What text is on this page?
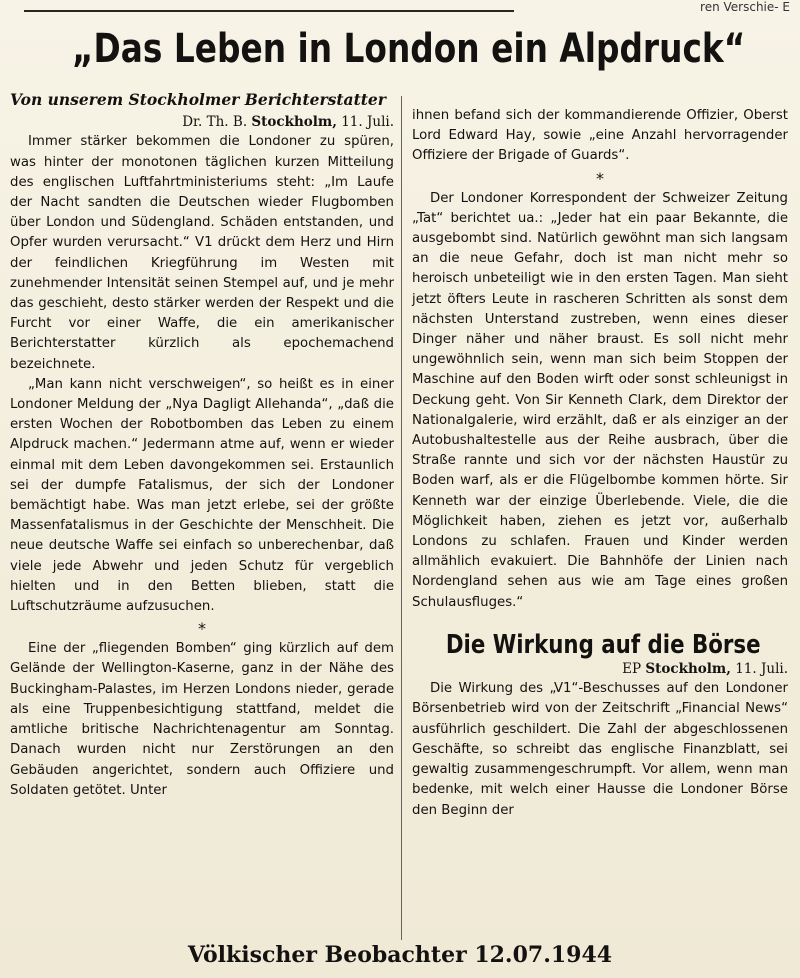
ren Verschie- E
„Das Leben in London ein Alpdruck“
Von unserem Stockholmer Berichterstatter
Dr. Th. B. Stockholm, 11. Juli.

Immer stärker bekommen die Londoner zu spüren, was hinter der monotonen täglichen kurzen Mitteilung des englischen Luftfahrtministeriums steht: „Im Laufe der Nacht sandten die Deutschen wieder Flugbomben über London und Südengland. Schäden entstanden, und Opfer wurden verursacht.“ V1 drückt dem Herz und Hirn der feindlichen Kriegführung im Westen mit zunehmender Intensität seinen Stempel auf, und je mehr das geschieht, desto stärker werden der Respekt und die Furcht vor einer Waffe, die ein amerikanischer Berichterstatter kürzlich als epochemachend bezeichnete.

„Man kann nicht verschweigen“, so heißt es in einer Londoner Meldung der „Nya Dagligt Allehanda“, „daß die ersten Wochen der Robotbomben das Leben zu einem Alpdruck machen.“ Jedermann atme auf, wenn er wieder einmal mit dem Leben davongekommen sei. Erstaunlich sei der dumpfe Fatalismus, der sich der Londoner bemächtigt habe. Was man jetzt erlebe, sei der größte Massenfatalismus in der Geschichte der Menschheit. Die neue deutsche Waffe sei einfach so unberechenbar, daß viele jede Abwehr und jeden Schutz für vergeblich hielten und in den Betten blieben, statt die Luftschutzräume aufzusuchen.

*

Eine der „fliegenden Bomben“ ging kürzlich auf dem Gelände der Wellington-Kaserne, ganz in der Nähe des Buckingham-Palastes, im Herzen Londons nieder, gerade als eine Truppenbesichtigung stattfand, meldet die amtliche britische Nachrichtenagentur am Sonntag. Danach wurden nicht nur Zerstörungen an den Gebäuden angerichtet, sondern auch Offiziere und Soldaten getötet. Unter

ihnen befand sich der kommandierende Offizier, Oberst Lord Edward Hay, sowie „eine Anzahl hervorragender Offiziere der Brigade of Guards“.

*

Der Londoner Korrespondent der Schweizer Zeitung „Tat“ berichtet ua.: „Jeder hat ein paar Bekannte, die ausgebombt sind. Natürlich gewöhnt man sich langsam an die neue Gefahr, doch ist man nicht mehr so heroisch unbeteiligt wie in den ersten Tagen. Man sieht jetzt öfters Leute in rascheren Schritten als sonst dem nächsten Unterstand zustreben, wenn eines dieser Dinger näher und näher braust. Es soll nicht mehr ungewöhnlich sein, wenn man sich beim Stoppen der Maschine auf den Boden wirft oder sonst schleunigst in Deckung geht. Von Sir Kenneth Clark, dem Direktor der Nationalgalerie, wird erzählt, daß er als einziger an der Autobushaltestelle aus der Reihe ausbrach, über die Straße rannte und sich vor der nächsten Haustür zu Boden warf, als er die Flügelbombe kommen hörte. Sir Kenneth war der einzige Überlebende. Viele, die die Möglichkeit haben, ziehen es jetzt vor, außerhalb Londons zu schlafen. Frauen und Kinder werden allmählich evakuiert. Die Bahnhöfe der Linien nach Nordengland sehen aus wie am Tage eines großen Schulausfluges.“

Die Wirkung auf die Börse
EP Stockholm, 11. Juli.

Die Wirkung des „V1“-Beschusses auf den Londoner Börsenbetrieb wird von der Zeitschrift „Financial News“ ausführlich geschildert. Die Zahl der abgeschlossenen Geschäfte, so schreibt das englische Finanzblatt, sei gewaltig zusammengeschrumpft. Vor allem, wenn man bedenke, mit welch einer Hausse die Londoner Börse den Beginn der

Völkischer Beobachter 12.07.1944
